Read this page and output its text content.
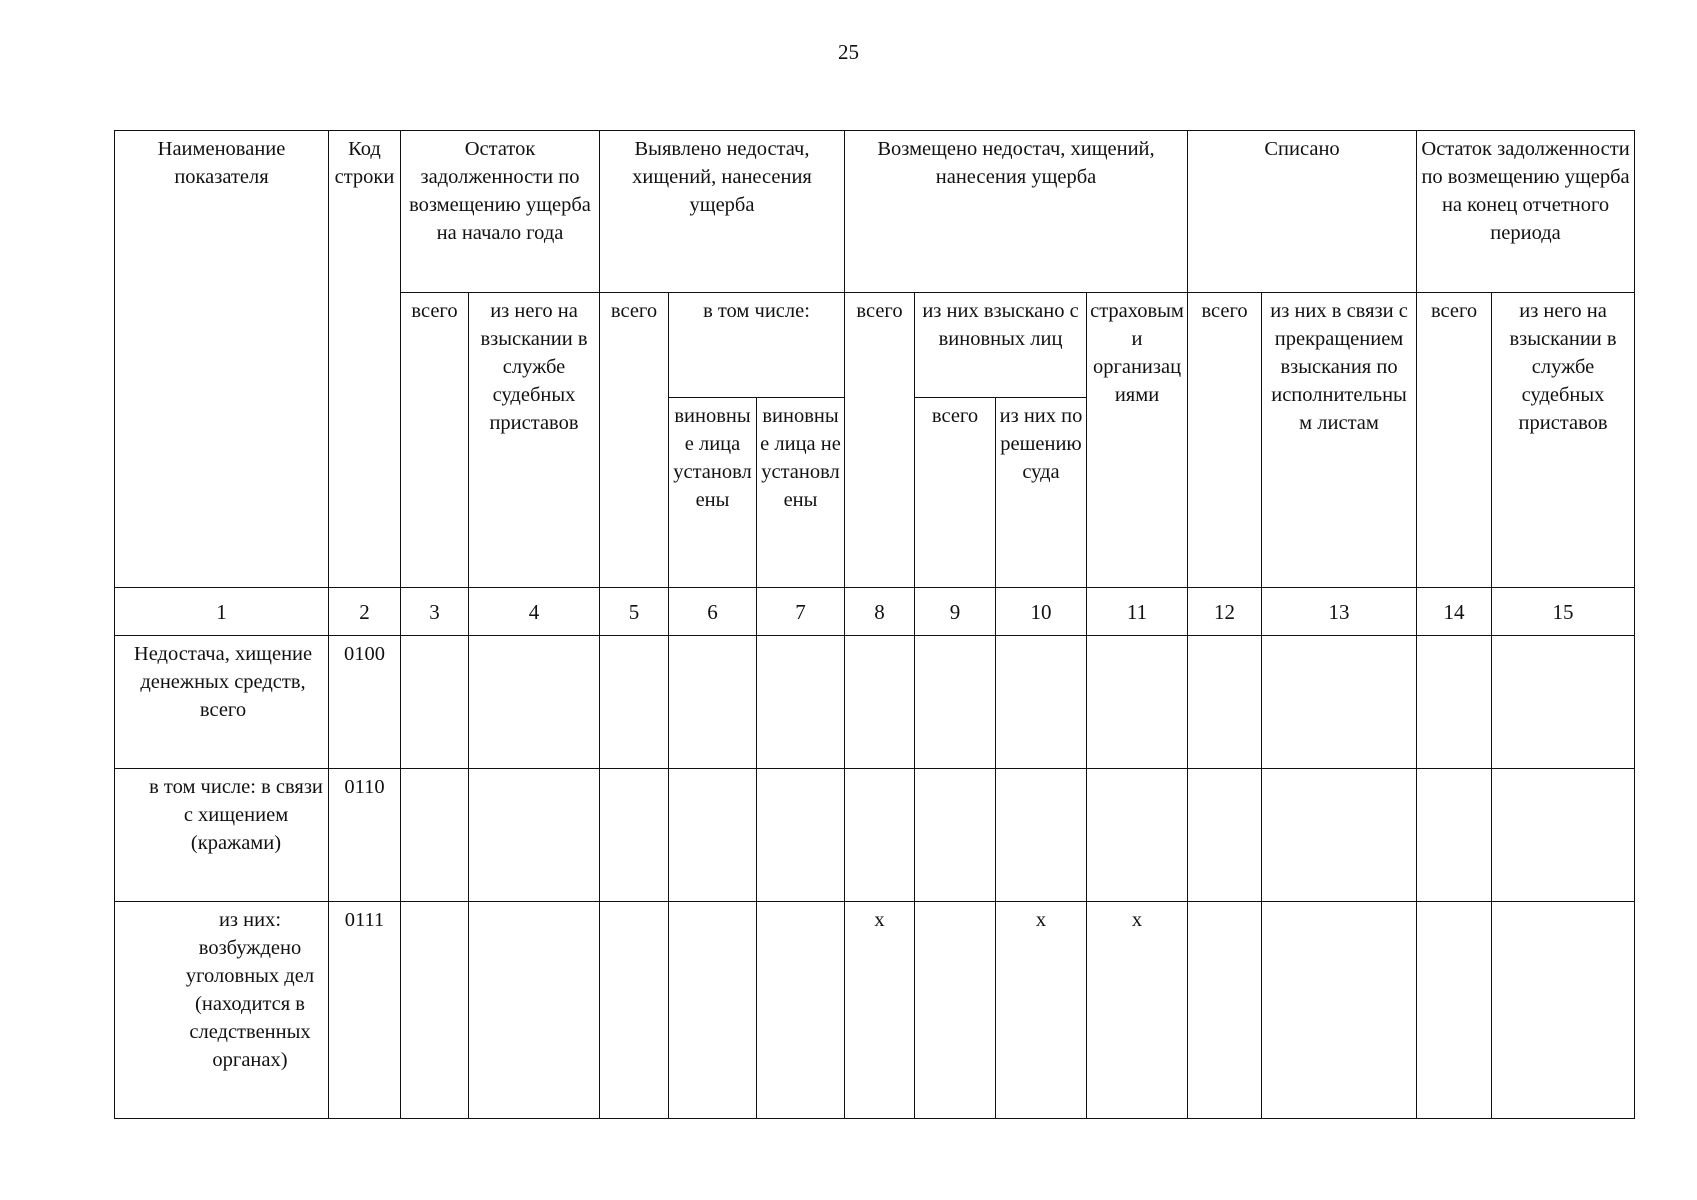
25
Наименование показателя	Код строки	Остаток задолженности по возмещению ущерба на начало года		Выявлено недостач, хищений, нанесения ущерба			Возмещено недостач, хищений, нанесения ущерба				Списано		Остаток задолженности по возмещению ущерба на конец отчетного периода	
		всего	из него на взыскании в службе судебных приставов	всего	в том числе:		всего	из них взыскано с виновных лиц		страховыми организациями	всего	из них в связи с прекращением взыскания по исполнительным листам	всего	из него на взыскании в службе судебных приставов
					виновные лица установлены	виновные лица не установлены		всего	из них по решению суда					
1	2	3	4	5	6	7	8	9	10	11	12	13	14	15
Недостача, хищение денежных средств, всего	0100													
в том числе: в связи с хищением (кражами)	0110													
из них: возбуждено уголовных дел (находится в следственных органах)	0111						x		x	x				
